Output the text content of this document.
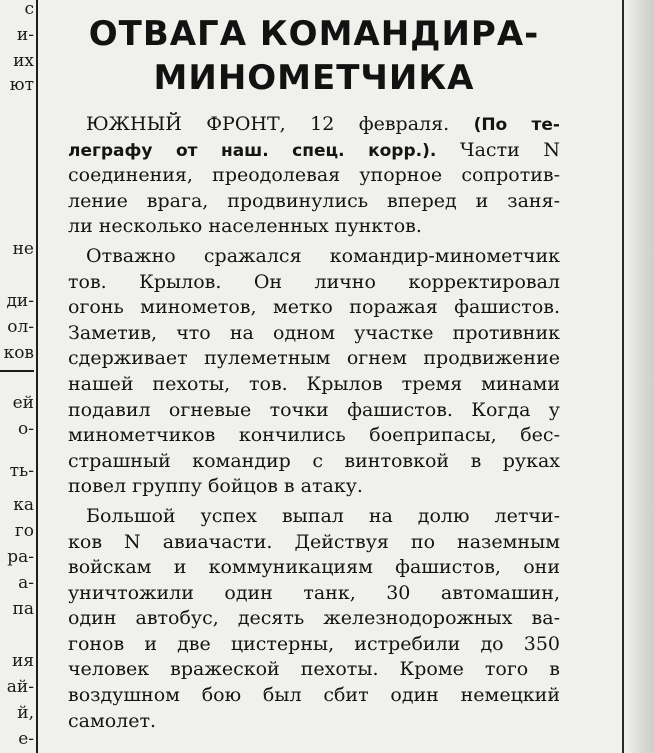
с
и-
их
ют
не
ди-
ол-
ков
ей
о-
ть-
ка
го
ра-
а-
па
ия
ай-
й,
е-
ОТВАГА КОМАНДИРА-
МИНОМЕТЧИКА
ЮЖНЫЙ ФРОНТ, 12 февраля. (По те-
леграфу от наш. спец. корр.). Части N
соединения, преодолевая упорное сопротив-
ление врага, продвинулись вперед и заня-
ли несколько населенных пунктов.
Отважно сражался командир-минометчик
тов. Крылов. Он лично корректировал
огонь минометов, метко поражая фашистов.
Заметив, что на одном участке противник
сдерживает пулеметным огнем продвижение
нашей пехоты, тов. Крылов тремя минами
подавил огневые точки фашистов. Когда у
минометчиков кончились боеприпасы, бес-
страшный командир с винтовкой в руках
повел группу бойцов в атаку.
Большой успех выпал на долю летчи-
ков N авиачасти. Действуя по наземным
войскам и коммуникациям фашистов, они
уничтожили один танк, 30 автомашин,
один автобус, десять железнодорожных ва-
гонов и две цистерны, истребили до 350
человек вражеской пехоты. Кроме того в
воздушном бою был сбит один немецкий
самолет.
